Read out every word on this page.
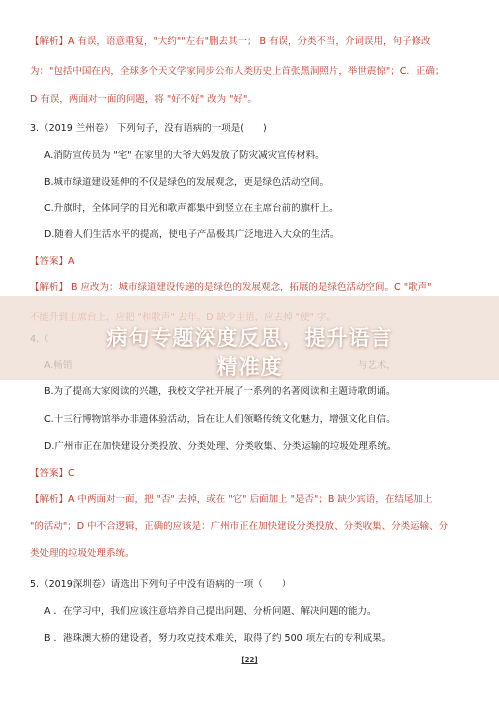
【解析】A 有误，语意重复，"大约""左右"删去其一； B 有误，分类不当，介词误用，句子修改
为："包括中国在内，全球多个天文学家同步公布人类历史上首张黑洞照片，举世震惊"；C．正确；
D 有误，两面对一面的问题，将 "好不好" 改为 "好"。
3.（2019 兰州卷） 下列句子，没有语病的一项是(　　)
A.消防宣传员为 "宅" 在家里的大爷大妈发放了防灾减灾宣传材料。
B.城市绿道建设延伸的不仅是绿色的发展观念，更是绿色活动空间。
C.升旗时，全体同学的目光和歌声都集中到竖立在主席台前的旗杆上。
D.随着人们生活水平的提高，使电子产品极其广泛地进入大众的生活。
【答案】A
【解析】 B 应改为：城市绿道建设传递的是绿色的发展观念，拓展的是绿色活动空间。C "歌声"
B.为了提高大家阅读的兴趣，我校文学社开展了一系列的名著阅读和主题诗歌朗诵。
病句专题深度反思，提升语言
精准度
C.十三行博物馆举办非遗体验活动，旨在让人们领略传统文化魅力，增强文化自信。
D.广州市正在加快建设分类投放、分类处理、分类收集、分类运输的垃圾处理系统。
【答案】C
【解析】A 中两面对一面，把 "否" 去掉，或在 "它" 后面加上 "是否"；B 缺少宾语，在结尾加上
"的活动"；D 中不合逻辑，正确的应该是：广州市正在加快建设分类投放、分类收集、分类运输、分
类处理的垃圾处理系统。
5.（2019深圳卷）请选出下列句子中没有语病的一项（　　）
A ．在学习中，我们应该注意培养自己提出问题、分析问题、解决问题的能力。
B ．港珠澳大桥的建设者，努力攻克技术难关，取得了约 500 项左右的专利成果。
[22]
